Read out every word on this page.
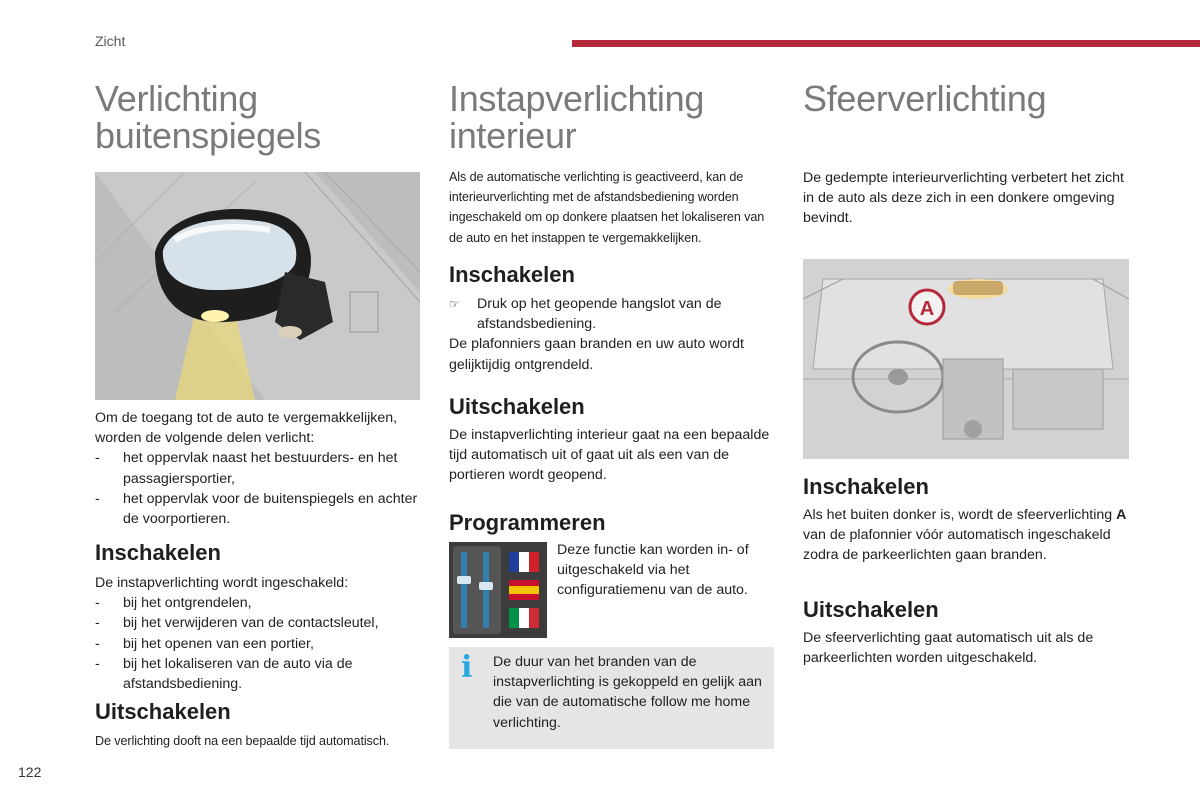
Zicht
Verlichting
buitenspiegels

Om de toegang tot de auto te vergemakkelijken, worden de volgende delen verlicht:

- het oppervlak naast het bestuurders- en het passagiersportier,
- het oppervlak voor de buitenspiegels en achter de voorportieren.
Inschakelen

De instapverlichting wordt ingeschakeld:

- bij het ontgrendelen,
- bij het verwijderen van de contactsleutel,
- bij het openen van een portier,
- bij het lokaliseren van de auto via de afstandsbediening.
Uitschakelen

De verlichting dooft na een bepaalde tijd automatisch.

Instapverlichting
interieur

Als de automatische verlichting is geactiveerd, kan de interieurverlichting met de afstandsbediening worden ingeschakeld om op donkere plaatsen het lokaliseren van de auto en het instappen te vergemakkelijken.

Inschakelen
☞ Druk op het geopende hangslot van de afstandsbediening.

De plafonniers gaan branden en uw auto wordt gelijktijdig ontgrendeld.

Uitschakelen

De instapverlichting interieur gaat na een bepaalde tijd automatisch uit of gaat uit als een van de portieren wordt geopend.

Programmeren

Deze functie kan worden in- of uitgeschakeld via het configuratiemenu van de auto.

i	De duur van het branden van de instapverlichting is gekoppeld en gelijk aan die van de automatische follow me home verlichting.
Sfeerverlichting

De gedempte interieurverlichting verbetert het zicht in de auto als deze zich in een donkere omgeving bevindt.

A
Inschakelen

Als het buiten donker is, wordt de sfeerverlichting A van de plafonnier vóór automatisch ingeschakeld zodra de parkeerlichten gaan branden.

Uitschakelen

De sfeerverlichting gaat automatisch uit als de parkeerlichten worden uitgeschakeld.

122
